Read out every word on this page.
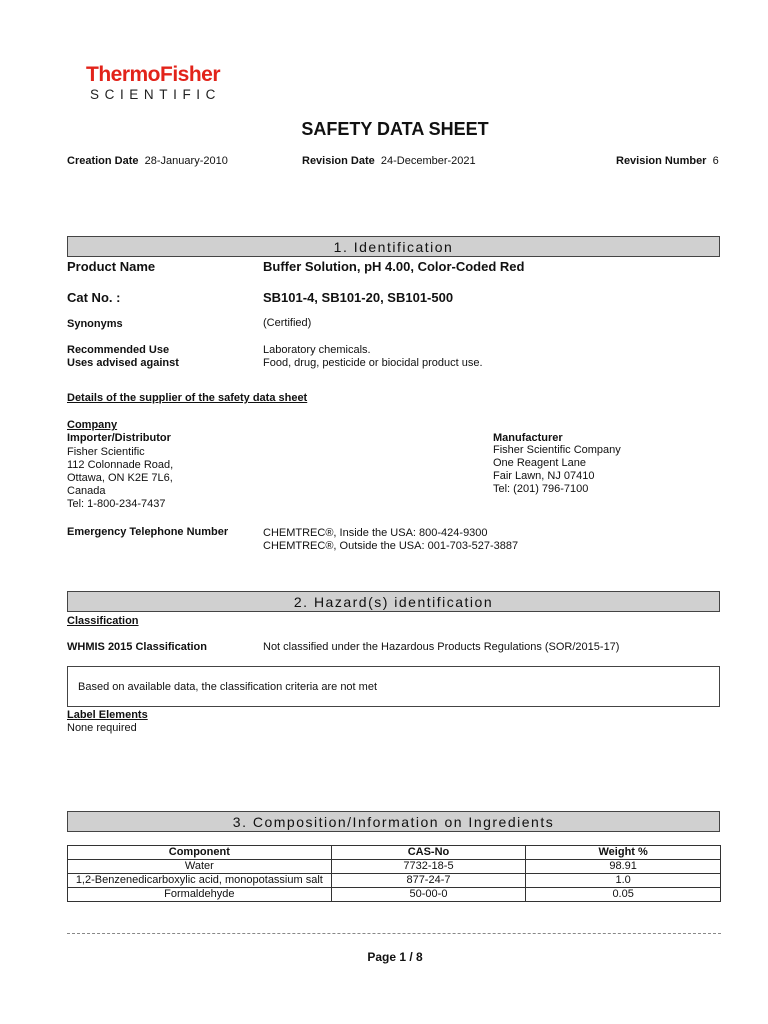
ThermoFisher
SCIENTIFIC
SAFETY DATA SHEET
Creation Date 28-January-2010	Revision Date 24-December-2021	Revision Number 6
1. Identification
Product Name	Buffer Solution, pH 4.00, Color-Coded Red
Cat No. :	SB101-4, SB101-20, SB101-500
Synonyms	(Certified)
Recommended Use	Laboratory chemicals.
Uses advised against	Food, drug, pesticide or biocidal product use.
Details of the supplier of the safety data sheet
Company
Importer/Distributor
Fisher Scientific
112 Colonnade Road,
Ottawa, ON K2E 7L6,
Canada
Tel: 1-800-234-7437
Manufacturer
Fisher Scientific Company
One Reagent Lane
Fair Lawn, NJ 07410
Tel: (201) 796-7100
Emergency Telephone Number	CHEMTREC®, Inside the USA: 800-424-9300
CHEMTREC®, Outside the USA: 001-703-527-3887
2. Hazard(s) identification
Classification
WHMIS 2015 Classification	Not classified under the Hazardous Products Regulations (SOR/2015-17)
Based on available data, the classification criteria are not met
Label Elements
None required
3. Composition/Information on Ingredients
Component	CAS-No	Weight %
Water	7732-18-5	98.91
1,2-Benzenedicarboxylic acid, monopotassium salt	877-24-7	1.0
Formaldehyde	50-00-0	0.05
Page 1 / 8
